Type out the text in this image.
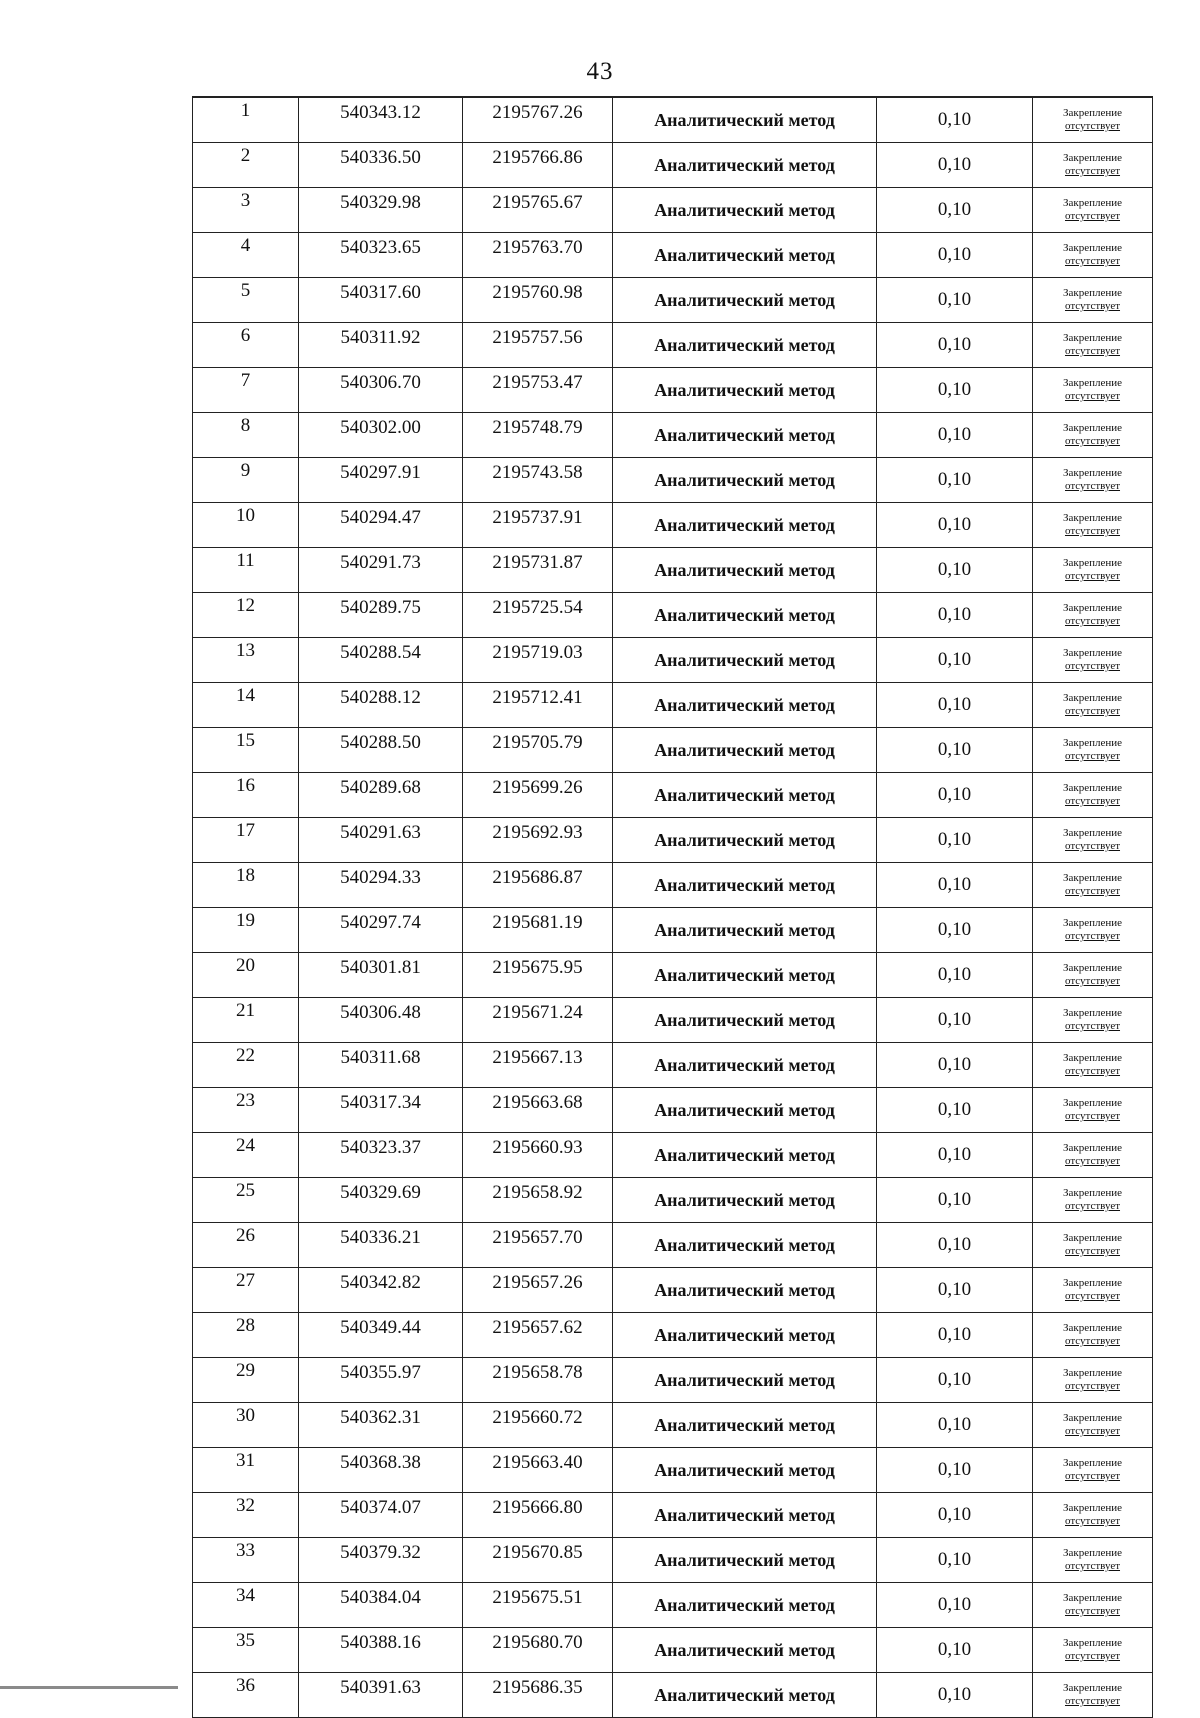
43
1	540343.12	2195767.26	Аналитический метод	0,10	Закрепление
отсутствует

2	540336.50	2195766.86	Аналитический метод	0,10	Закрепление
отсутствует

3	540329.98	2195765.67	Аналитический метод	0,10	Закрепление
отсутствует

4	540323.65	2195763.70	Аналитический метод	0,10	Закрепление
отсутствует

5	540317.60	2195760.98	Аналитический метод	0,10	Закрепление
отсутствует

6	540311.92	2195757.56	Аналитический метод	0,10	Закрепление
отсутствует

7	540306.70	2195753.47	Аналитический метод	0,10	Закрепление
отсутствует

8	540302.00	2195748.79	Аналитический метод	0,10	Закрепление
отсутствует

9	540297.91	2195743.58	Аналитический метод	0,10	Закрепление
отсутствует

10	540294.47	2195737.91	Аналитический метод	0,10	Закрепление
отсутствует

11	540291.73	2195731.87	Аналитический метод	0,10	Закрепление
отсутствует

12	540289.75	2195725.54	Аналитический метод	0,10	Закрепление
отсутствует

13	540288.54	2195719.03	Аналитический метод	0,10	Закрепление
отсутствует

14	540288.12	2195712.41	Аналитический метод	0,10	Закрепление
отсутствует

15	540288.50	2195705.79	Аналитический метод	0,10	Закрепление
отсутствует

16	540289.68	2195699.26	Аналитический метод	0,10	Закрепление
отсутствует

17	540291.63	2195692.93	Аналитический метод	0,10	Закрепление
отсутствует

18	540294.33	2195686.87	Аналитический метод	0,10	Закрепление
отсутствует

19	540297.74	2195681.19	Аналитический метод	0,10	Закрепление
отсутствует

20	540301.81	2195675.95	Аналитический метод	0,10	Закрепление
отсутствует

21	540306.48	2195671.24	Аналитический метод	0,10	Закрепление
отсутствует

22	540311.68	2195667.13	Аналитический метод	0,10	Закрепление
отсутствует

23	540317.34	2195663.68	Аналитический метод	0,10	Закрепление
отсутствует

24	540323.37	2195660.93	Аналитический метод	0,10	Закрепление
отсутствует

25	540329.69	2195658.92	Аналитический метод	0,10	Закрепление
отсутствует

26	540336.21	2195657.70	Аналитический метод	0,10	Закрепление
отсутствует

27	540342.82	2195657.26	Аналитический метод	0,10	Закрепление
отсутствует

28	540349.44	2195657.62	Аналитический метод	0,10	Закрепление
отсутствует

29	540355.97	2195658.78	Аналитический метод	0,10	Закрепление
отсутствует

30	540362.31	2195660.72	Аналитический метод	0,10	Закрепление
отсутствует

31	540368.38	2195663.40	Аналитический метод	0,10	Закрепление
отсутствует

32	540374.07	2195666.80	Аналитический метод	0,10	Закрепление
отсутствует

33	540379.32	2195670.85	Аналитический метод	0,10	Закрепление
отсутствует

34	540384.04	2195675.51	Аналитический метод	0,10	Закрепление
отсутствует

35	540388.16	2195680.70	Аналитический метод	0,10	Закрепление
отсутствует

36	540391.63	2195686.35	Аналитический метод	0,10	Закрепление
отсутствует
